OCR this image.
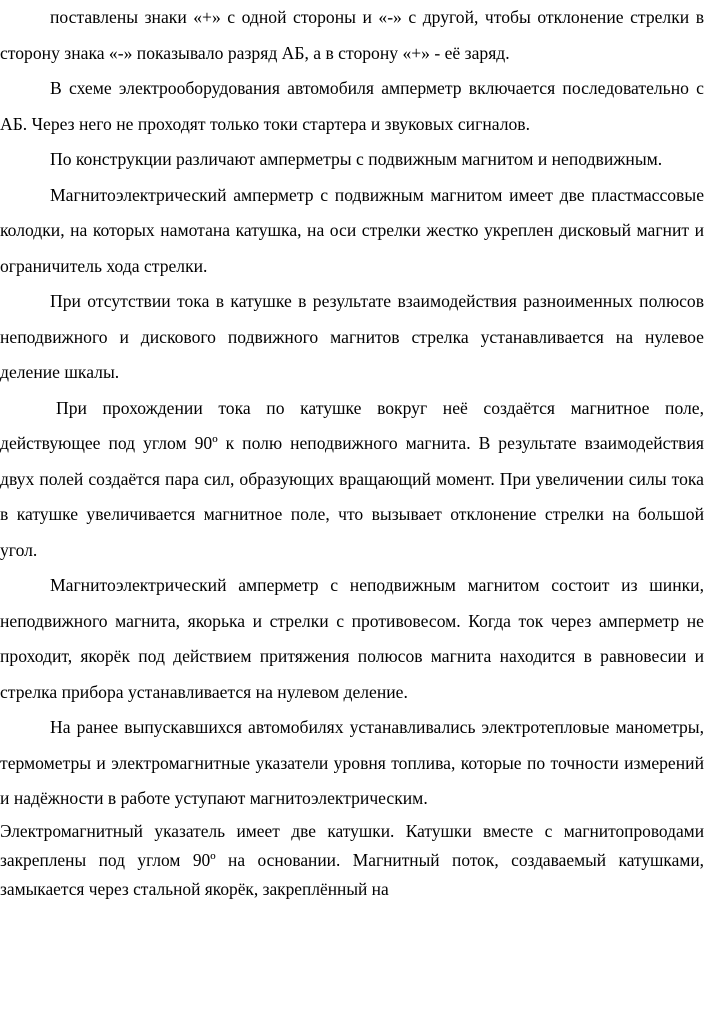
поставлены знаки «+» с одной стороны и «-» с другой, чтобы отклонение стрелки в сторону знака «-» показывало разряд АБ, а в сторону «+» - её заряд.

В схеме электрооборудования автомобиля амперметр включается последовательно с АБ. Через него не проходят только токи стартера и звуковых сигналов.

По конструкции различают амперметры с подвижным магнитом и неподвижным.

Магнитоэлектрический амперметр с подвижным магнитом имеет две пластмассовые колодки, на которых намотана катушка, на оси стрелки жестко укреплен дисковый магнит и ограничитель хода стрелки.

При отсутствии тока в катушке в результате взаимодействия разноименных полюсов неподвижного и дискового подвижного магнитов стрелка устанавливается на нулевое деление шкалы.

При прохождении тока по катушке вокруг неё создаётся магнитное поле, действующее под углом 90º к полю неподвижного магнита. В результате взаимодействия двух полей создаётся пара сил, образующих вращающий момент. При увеличении силы тока в катушке увеличивается магнитное поле, что вызывает отклонение стрелки на большой угол.

Магнитоэлектрический амперметр с неподвижным магнитом состоит из шинки, неподвижного магнита, якорька и стрелки с противовесом. Когда ток через амперметр не проходит, якорёк под действием притяжения полюсов магнита находится в равновесии и стрелка прибора устанавливается на нулевом деление.

На ранее выпускавшихся автомобилях устанавливались электротепловые манометры, термометры и электромагнитные указатели уровня топлива, которые по точности измерений и надёжности в работе уступают магнитоэлектрическим.

Электромагнитный указатель имеет две катушки. Катушки вместе с магнитопроводами закреплены под углом 90º на основании. Магнитный поток, создаваемый катушками, замыкается через стальной якорёк, закреплённый на
